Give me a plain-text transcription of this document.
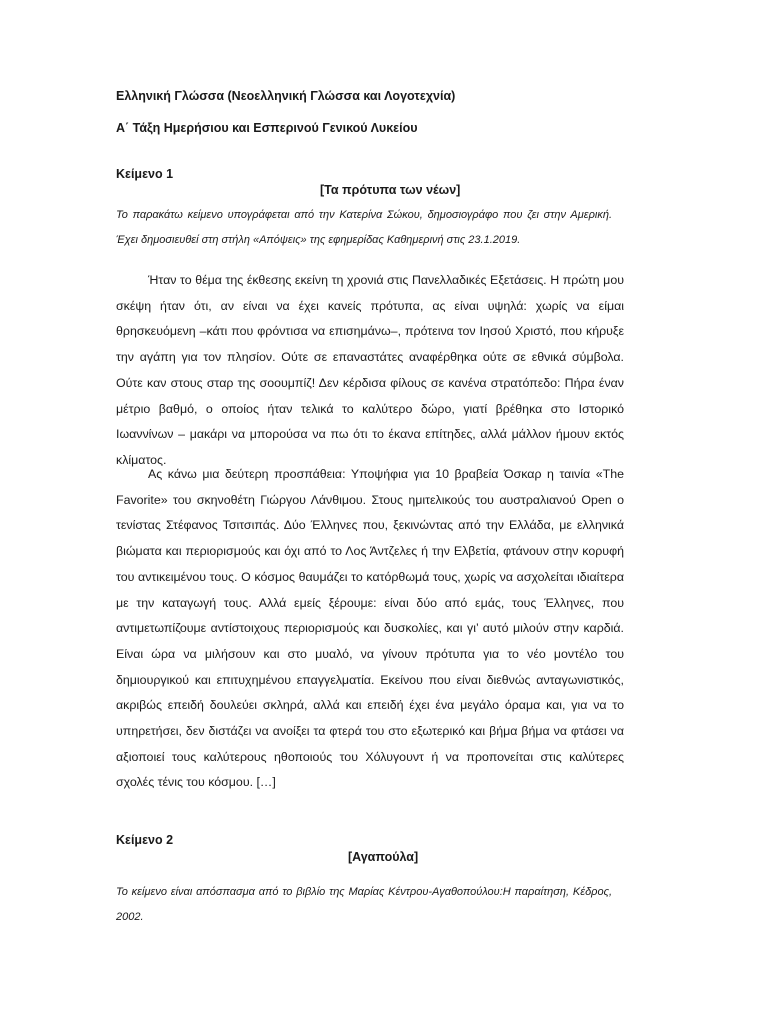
Ελληνική Γλώσσα (Νεοελληνική Γλώσσα και Λογοτεχνία)
Α΄ Τάξη Ημερήσιου και Εσπερινού Γενικού Λυκείου
Κείμενο 1
[Τα πρότυπα των νέων]
Το παρακάτω κείμενο υπογράφεται από την Κατερίνα Σώκου, δημοσιογράφο που ζει στην Αμερική. Έχει δημοσιευθεί στη στήλη «Απόψεις» της εφημερίδας Καθημερινή στις 23.1.2019.

Ήταν το θέμα της έκθεσης εκείνη τη χρονιά στις Πανελλαδικές Εξετάσεις. Η πρώτη μου σκέψη ήταν ότι, αν είναι να έχει κανείς πρότυπα, ας είναι υψηλά: χωρίς να είμαι θρησκευόμενη –κάτι που φρόντισα να επισημάνω–, πρότεινα τον Ιησού Χριστό, που κήρυξε την αγάπη για τον πλησίον. Ούτε σε επαναστάτες αναφέρθηκα ούτε σε εθνικά σύμβολα. Ούτε καν στους σταρ της σοουμπίζ! Δεν κέρδισα φίλους σε κανένα στρατόπεδο: Πήρα έναν μέτριο βαθμό, ο οποίος ήταν τελικά το καλύτερο δώρο, γιατί βρέθηκα στο Ιστορικό Ιωαννίνων – μακάρι να μπορούσα να πω ότι το έκανα επίτηδες, αλλά μάλλον ήμουν εκτός κλίματος.

Ας κάνω μια δεύτερη προσπάθεια: Υποψήφια για 10 βραβεία Όσκαρ η ταινία «The Favorite» του σκηνοθέτη Γιώργου Λάνθιμου. Στους ημιτελικούς του αυστραλιανού Open ο τενίστας Στέφανος Τσιτσιπάς. Δύο Έλληνες που, ξεκινώντας από την Ελλάδα, με ελληνικά βιώματα και περιορισμούς και όχι από το Λος Άντζελες ή την Ελβετία, φτάνουν στην κορυφή του αντικειμένου τους. Ο κόσμος θαυμάζει το κατόρθωμά τους, χωρίς να ασχολείται ιδιαίτερα με την καταγωγή τους. Αλλά εμείς ξέρουμε: είναι δύο από εμάς, τους Έλληνες, που αντιμετωπίζουμε αντίστοιχους περιορισμούς και δυσκολίες, και γι’ αυτό μιλούν στην καρδιά. Είναι ώρα να μιλήσουν και στο μυαλό, να γίνουν πρότυπα για το νέο μοντέλο του δημιουργικού και επιτυχημένου επαγγελματία. Εκείνου που είναι διεθνώς ανταγωνιστικός, ακριβώς επειδή δουλεύει σκληρά, αλλά και επειδή έχει ένα μεγάλο όραμα και, για να το υπηρετήσει, δεν διστάζει να ανοίξει τα φτερά του στο εξωτερικό και βήμα βήμα να φτάσει να αξιοποιεί τους καλύτερους ηθοποιούς του Χόλυγουντ ή να προπονείται στις καλύτερες σχολές τένις του κόσμου. […]

Κείμενο 2
[Αγαπούλα]
Το κείμενο είναι απόσπασμα από το βιβλίο της Μαρίας Κέντρου-Αγαθοπούλου:Η παραίτηση, Κέδρος, 2002.
